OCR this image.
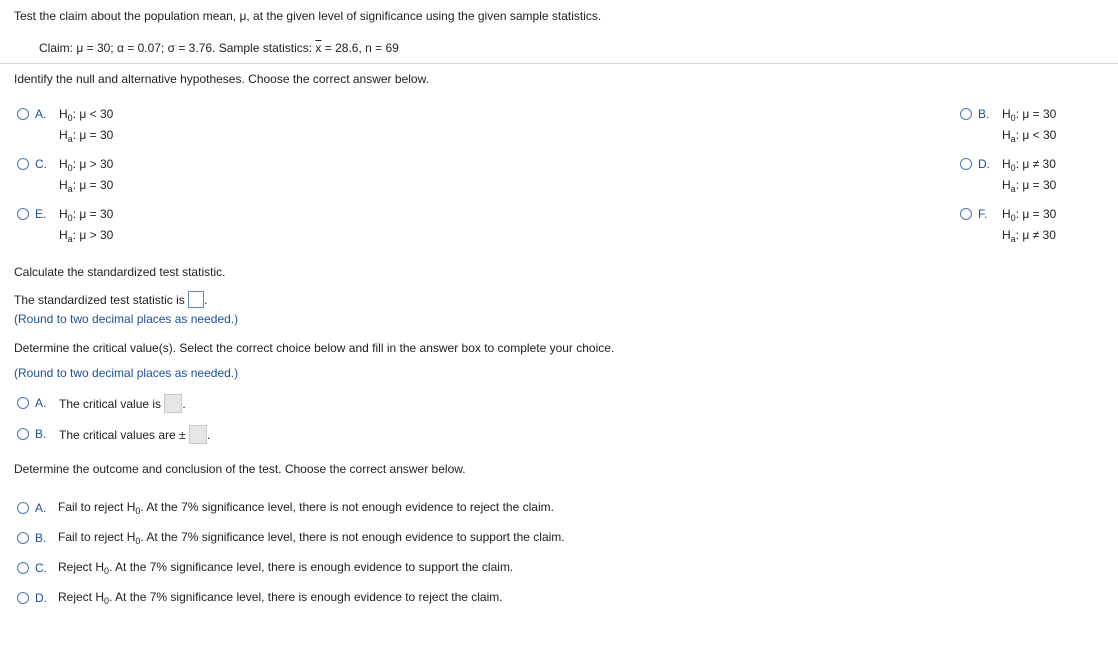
Test the claim about the population mean, μ, at the given level of significance using the given sample statistics.
Claim: μ = 30; α = 0.07; σ = 3.76. Sample statistics: $\overline{x} = 28.6$, n = 69
Identify the null and alternative hypotheses. Choose the correct answer below.
A. $H_0$: μ < 30
$H_a$: μ = 30
B. $H_0$: μ = 30
$H_a$: μ < 30
C. $H_0$: μ > 30
$H_a$: μ = 30
D. $H_0$: μ ≠ 30
$H_a$: μ = 30
E. $H_0$: μ = 30
$H_a$: μ > 30
F. $H_0$: μ = 30
$H_a$: μ ≠ 30
Calculate the standardized test statistic.
The standardized test statistic is .
(Round to two decimal places as needed.)
Determine the critical value(s). Select the correct choice below and fill in the answer box to complete your choice.
(Round to two decimal places as needed.)
A. The critical value is .
B. The critical values are ± .
Determine the outcome and conclusion of the test. Choose the correct answer below.
A. Fail to reject $H_0$. At the 7% significance level, there is not enough evidence to reject the claim.
B. Fail to reject $H_0$. At the 7% significance level, there is not enough evidence to support the claim.
C. Reject $H_0$. At the 7% significance level, there is enough evidence to support the claim.
D. Reject $H_0$. At the 7% significance level, there is enough evidence to reject the claim.
